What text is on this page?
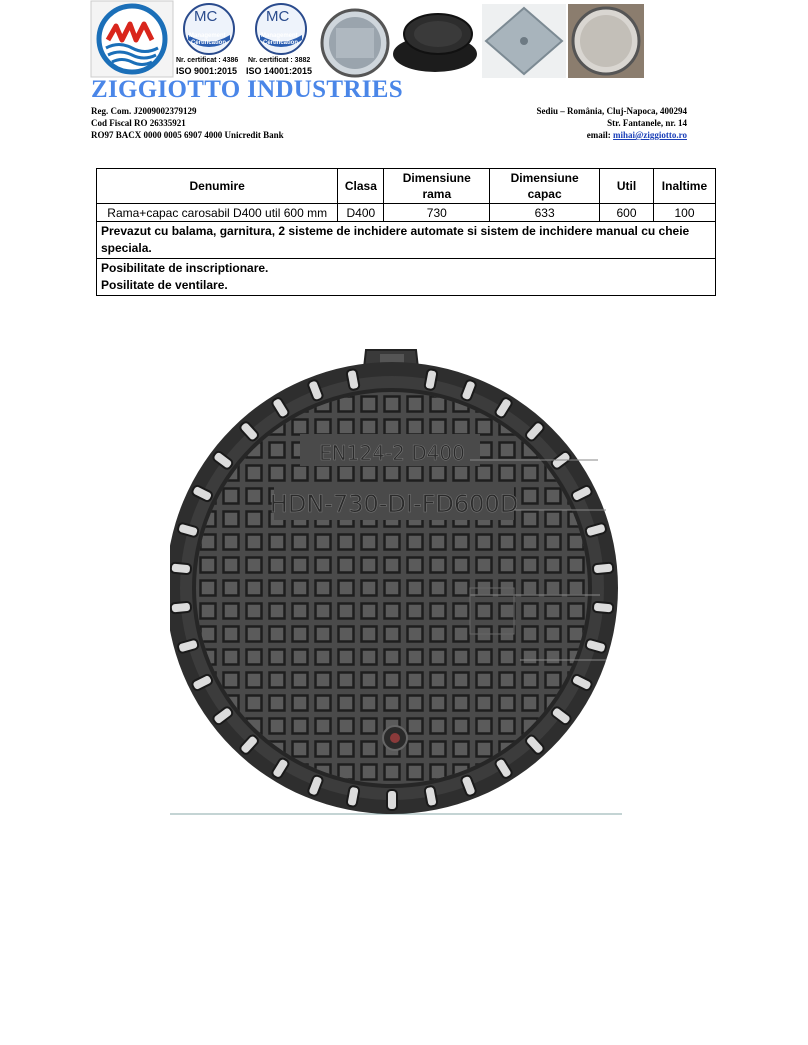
MC
Management
Certification
Nr. certificat : 4386
ISO 9001:2015
MC
Management
Certification
Nr. certificat : 3882
ISO 14001:2015
ZIGGIOTTO INDUSTRIES
Reg. Com. J2009002379129
Cod Fiscal RO 26335921
RO97 BACX 0000 0005 6907 4000 Unicredit Bank
Sediu – România, Cluj-Napoca, 400294
Str. Fantanele, nr. 14
email: mihai@ziggiotto.ro
Denumire	Clasa	Dimensiune rama	Dimensiune capac	Util	Inaltime
Rama+capac carosabil D400 util 600 mm	D400	730	633	600	100
Prevazut cu balama, garnitura, 2 sisteme de inchidere automate si sistem de inchidere manual cu cheie speciala.					

Posibilitate de inscriptionare.
Posilitate de ventilare.					
EN124-2 D400
HDN-730-DI-FD600D
